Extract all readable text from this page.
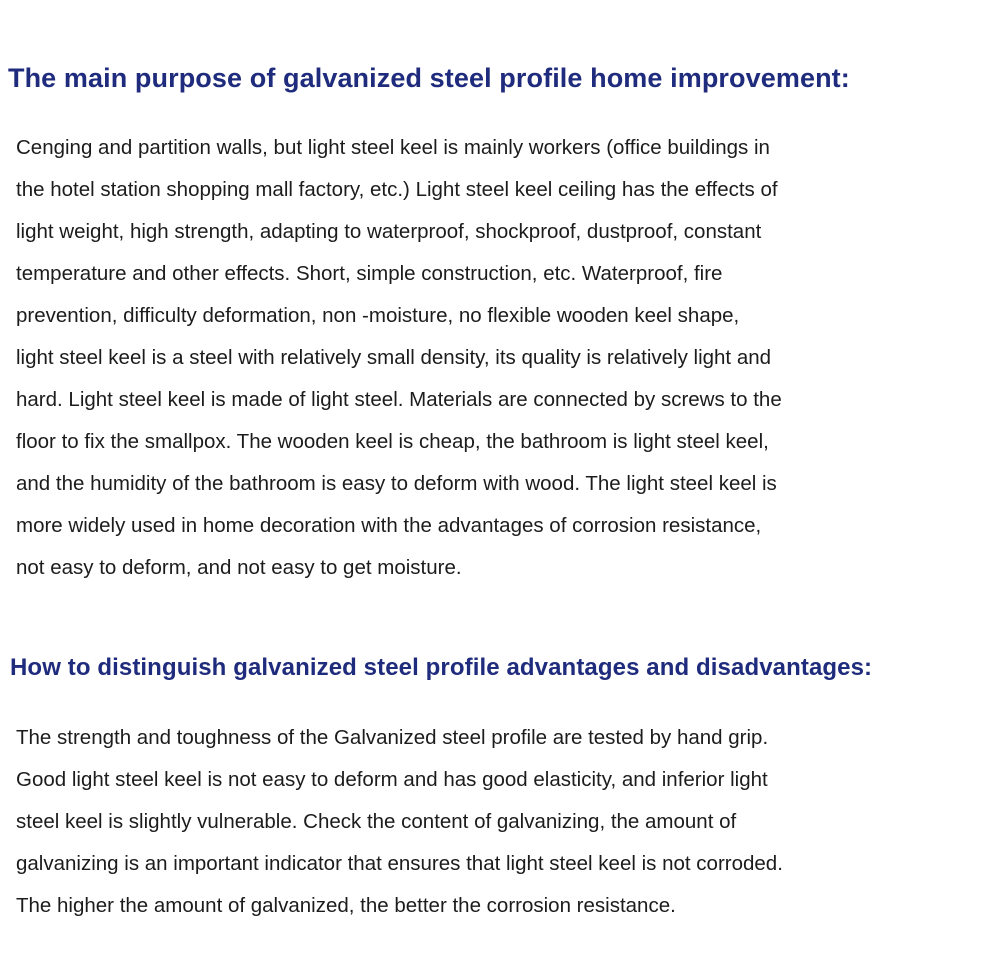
The main purpose of galvanized steel profile home improvement:
Cenging and partition walls, but light steel keel is mainly workers (office buildings in
the hotel station shopping mall factory, etc.) Light steel keel ceiling has the effects of
light weight, high strength, adapting to waterproof, shockproof, dustproof, constant
temperature and other effects. Short, simple construction, etc. Waterproof, fire
prevention, difficulty deformation, non -moisture, no flexible wooden keel shape,
light steel keel is a steel with relatively small density, its quality is relatively light and
hard. Light steel keel is made of light steel. Materials are connected by screws to the
floor to fix the smallpox. The wooden keel is cheap, the bathroom is light steel keel,
and the humidity of the bathroom is easy to deform with wood. The light steel keel is
more widely used in home decoration with the advantages of corrosion resistance,
not easy to deform, and not easy to get moisture.
How to distinguish galvanized steel profile advantages and disadvantages:
The strength and toughness of the Galvanized steel profile are tested by hand grip.
Good light steel keel is not easy to deform and has good elasticity, and inferior light
steel keel is slightly vulnerable. Check the content of galvanizing, the amount of
galvanizing is an important indicator that ensures that light steel keel is not corroded.
The higher the amount of galvanized, the better the corrosion resistance.
